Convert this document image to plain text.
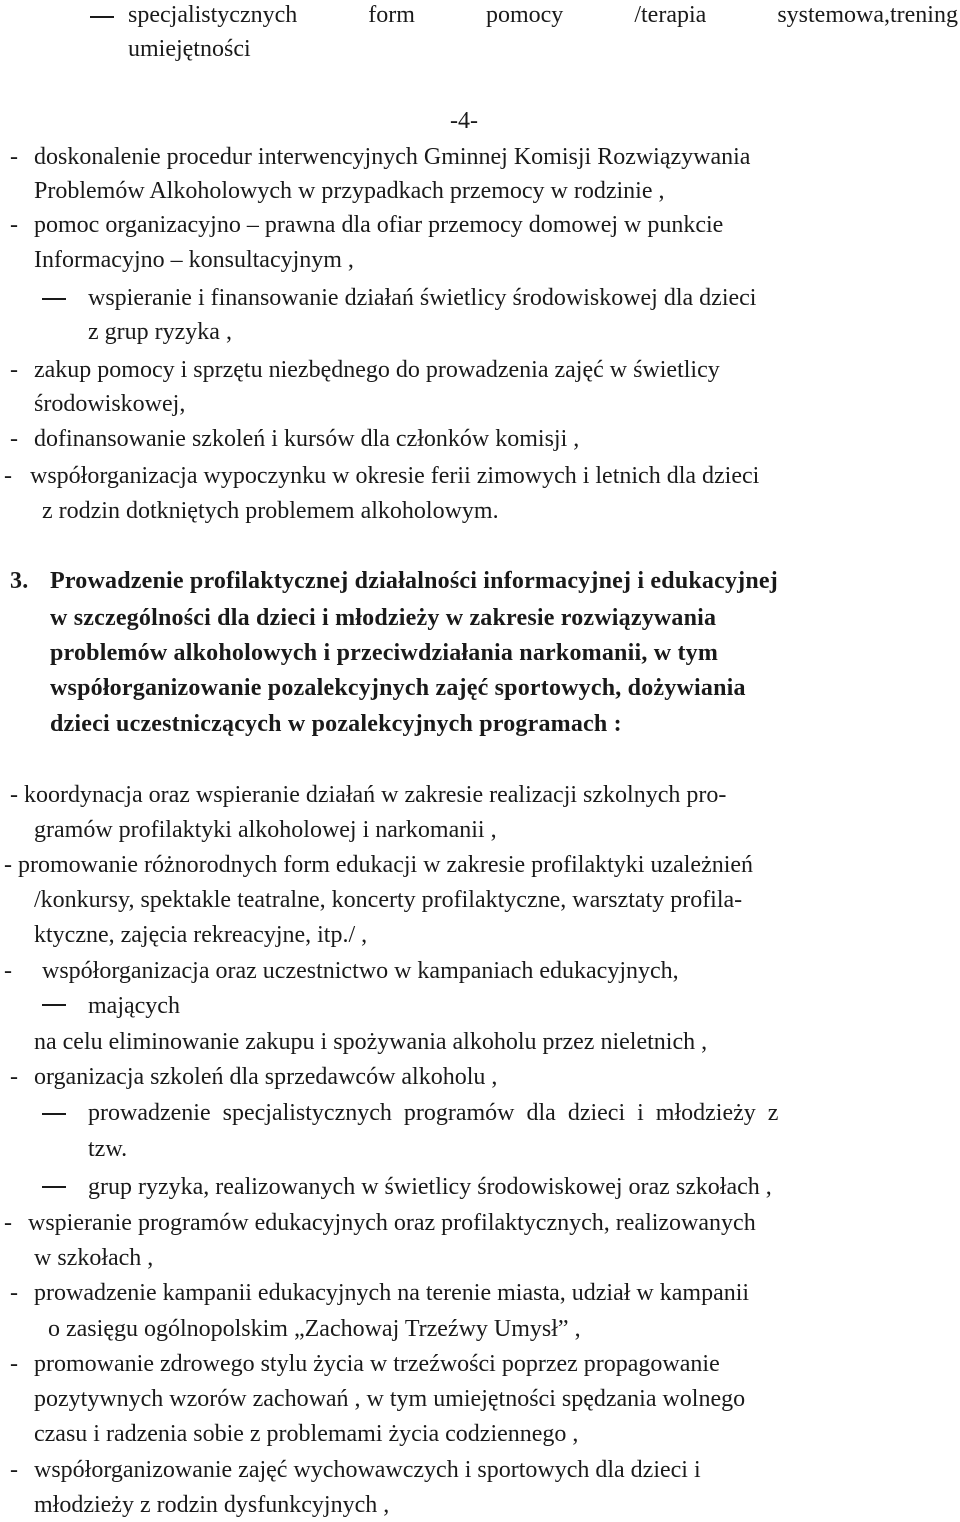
specjalistycznych	form	pomocy	/terapia	systemowa,trening
umiejętności
-4-
- doskonalenie procedur interwencyjnych Gminnej Komisji Rozwiązywania
Problemów Alkoholowych w przypadkach przemocy w rodzinie ,
- pomoc organizacyjno – prawna dla ofiar przemocy domowej w punkcie
Informacyjno – konsultacyjnym ,
wspieranie i finansowanie działań świetlicy środowiskowej dla dzieci
z grup ryzyka ,
- zakup pomocy i sprzętu niezbędnego do prowadzenia zajęć w świetlicy
środowiskowej,
- dofinansowanie szkoleń i kursów dla członków komisji ,
- współorganizacja wypoczynku w okresie ferii zimowych i letnich dla dzieci
z rodzin dotkniętych problemem alkoholowym.
3. Prowadzenie profilaktycznej działalności informacyjnej i edukacyjnej
w szczególności dla dzieci i młodzieży w zakresie rozwiązywania
problemów alkoholowych i przeciwdziałania narkomanii, w tym
współorganizowanie pozalekcyjnych zajęć sportowych, dożywiania
dzieci uczestniczących w pozalekcyjnych programach :
- koordynacja oraz wspieranie działań w zakresie realizacji szkolnych pro-
gramów profilaktyki alkoholowej i narkomanii ,
- promowanie różnorodnych form edukacji w zakresie profilaktyki uzależnień
/konkursy, spektakle teatralne, koncerty profilaktyczne, warsztaty profila-
ktyczne, zajęcia rekreacyjne, itp./ ,
- współorganizacja oraz uczestnictwo w kampaniach edukacyjnych,
mających
na celu eliminowanie zakupu i spożywania alkoholu przez nieletnich ,
- organizacja szkoleń dla sprzedawców alkoholu ,
prowadzenie specjalistycznych programów dla dzieci i młodzieży z
tzw.
grup ryzyka, realizowanych w świetlicy środowiskowej oraz szkołach ,
- wspieranie programów edukacyjnych oraz profilaktycznych, realizowanych
w szkołach ,
- prowadzenie kampanii edukacyjnych na terenie miasta, udział w kampanii
o zasięgu ogólnopolskim „Zachowaj Trzeźwy Umysł” ,
- promowanie zdrowego stylu życia w trzeźwości poprzez propagowanie
pozytywnych wzorów zachowań , w tym umiejętności spędzania wolnego
czasu i radzenia sobie z problemami życia codziennego ,
- współorganizowanie zajęć wychowawczych i sportowych dla dzieci i
młodzieży z rodzin dysfunkcyjnych ,
